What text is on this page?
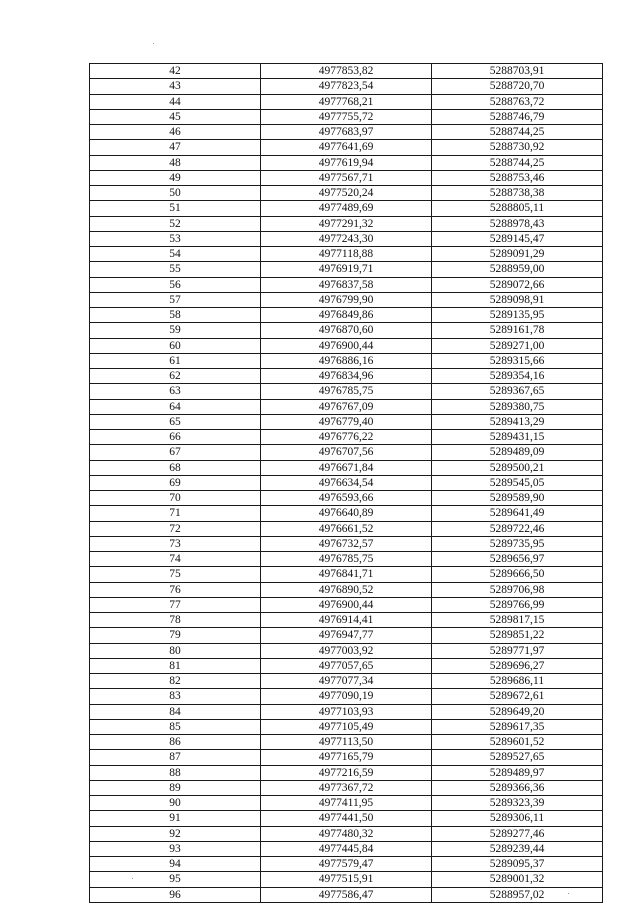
42	4977853,82	5288703,91
43	4977823,54	5288720,70
44	4977768,21	5288763,72
45	4977755,72	5288746,79
46	4977683,97	5288744,25
47	4977641,69	5288730,92
48	4977619,94	5288744,25
49	4977567,71	5288753,46
50	4977520,24	5288738,38
51	4977489,69	5288805,11
52	4977291,32	5288978,43
53	4977243,30	5289145,47
54	4977118,88	5289091,29
55	4976919,71	5288959,00
56	4976837,58	5289072,66
57	4976799,90	5289098,91
58	4976849,86	5289135,95
59	4976870,60	5289161,78
60	4976900,44	5289271,00
61	4976886,16	5289315,66
62	4976834,96	5289354,16
63	4976785,75	5289367,65
64	4976767,09	5289380,75
65	4976779,40	5289413,29
66	4976776,22	5289431,15
67	4976707,56	5289489,09
68	4976671,84	5289500,21
69	4976634,54	5289545,05
70	4976593,66	5289589,90
71	4976640,89	5289641,49
72	4976661,52	5289722,46
73	4976732,57	5289735,95
74	4976785,75	5289656,97
75	4976841,71	5289666,50
76	4976890,52	5289706,98
77	4976900,44	5289766,99
78	4976914,41	5289817,15
79	4976947,77	5289851,22
80	4977003,92	5289771,97
81	4977057,65	5289696,27
82	4977077,34	5289686,11
83	4977090,19	5289672,61
84	4977103,93	5289649,20
85	4977105,49	5289617,35
86	4977113,50	5289601,52
87	4977165,79	5289527,65
88	4977216,59	5289489,97
89	4977367,72	5289366,36
90	4977411,95	5289323,39
91	4977441,50	5289306,11
92	4977480,32	5289277,46
93	4977445,84	5289239,44
94	4977579,47	5289095,37
95	4977515,91	5289001,32
96	4977586,47	5288957,02
